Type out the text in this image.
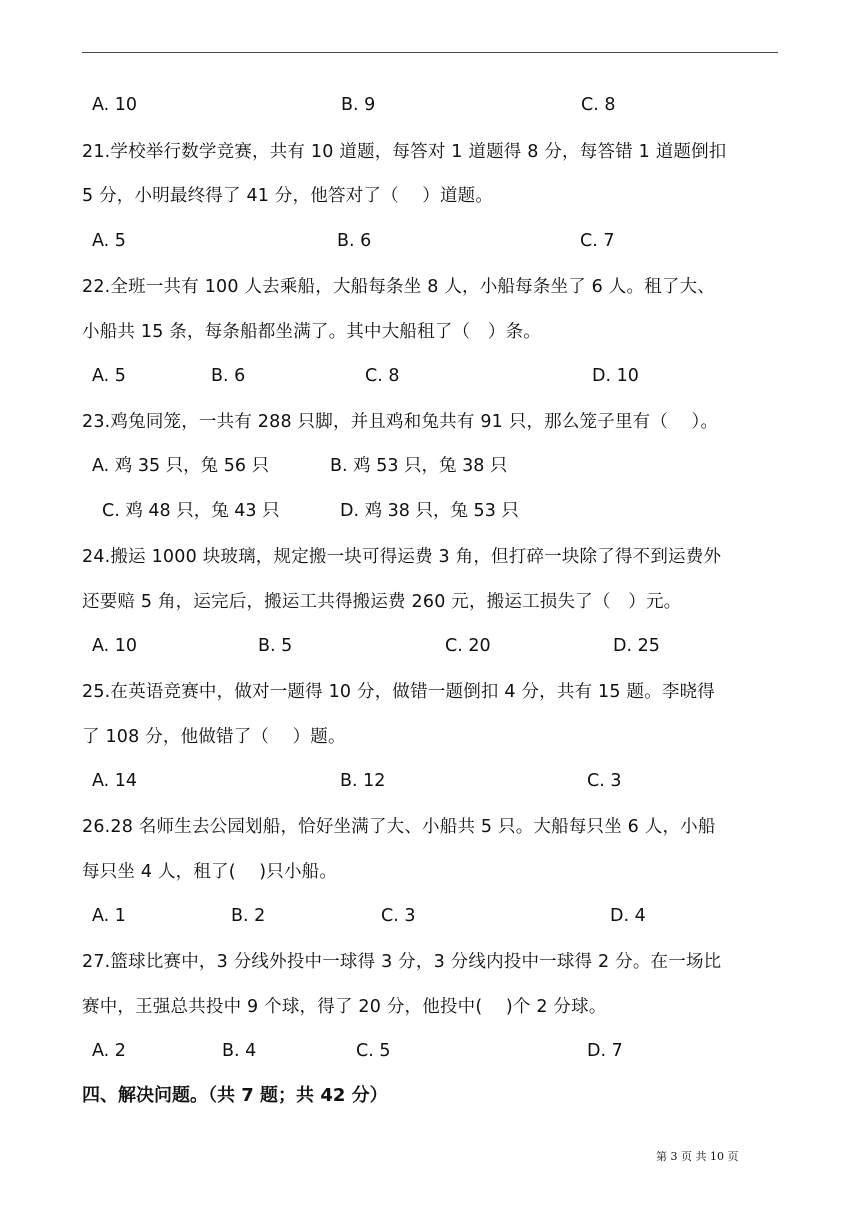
A. 10	B. 9	C. 8
21.学校举行数学竞赛，共有 10 道题，每答对 1 道题得 8 分，每答错 1 道题倒扣
5 分，小明最终得了 41 分，他答对了（　 ）道题。
A. 5	B. 6	C. 7
22.全班一共有 100 人去乘船，大船每条坐 8 人，小船每条坐了 6 人。租了大、
小船共 15 条，每条船都坐满了。其中大船租了（　）条。
A. 5	B. 6	C. 8	D. 10
23.鸡兔同笼，一共有 288 只脚，并且鸡和兔共有 91 只，那么笼子里有（　 ）。
A. 鸡 35 只，兔 56 只	B. 鸡 53 只，兔 38 只
C. 鸡 48 只，兔 43 只	D. 鸡 38 只，兔 53 只
24.搬运 1000 块玻璃，规定搬一块可得运费 3 角，但打碎一块除了得不到运费外
还要赔 5 角，运完后，搬运工共得搬运费 260 元，搬运工损失了（　）元。
A. 10	B. 5	C. 20	D. 25
25.在英语竞赛中，做对一题得 10 分，做错一题倒扣 4 分，共有 15 题。李晓得
了 108 分，他做错了（　 ）题。
A. 14	B. 12	C. 3
26.28 名师生去公园划船，恰好坐满了大、小船共 5 只。大船每只坐 6 人，小船
每只坐 4 人，租了(　 )只小船。
A. 1	B. 2	C. 3	D. 4
27.篮球比赛中，3 分线外投中一球得 3 分，3 分线内投中一球得 2 分。在一场比
赛中，王强总共投中 9 个球，得了 20 分，他投中(　 )个 2 分球。
A. 2	B. 4	C. 5	D. 7
四、解决问题。（共 7 题；共 42 分）
第 3 页 共 10 页
